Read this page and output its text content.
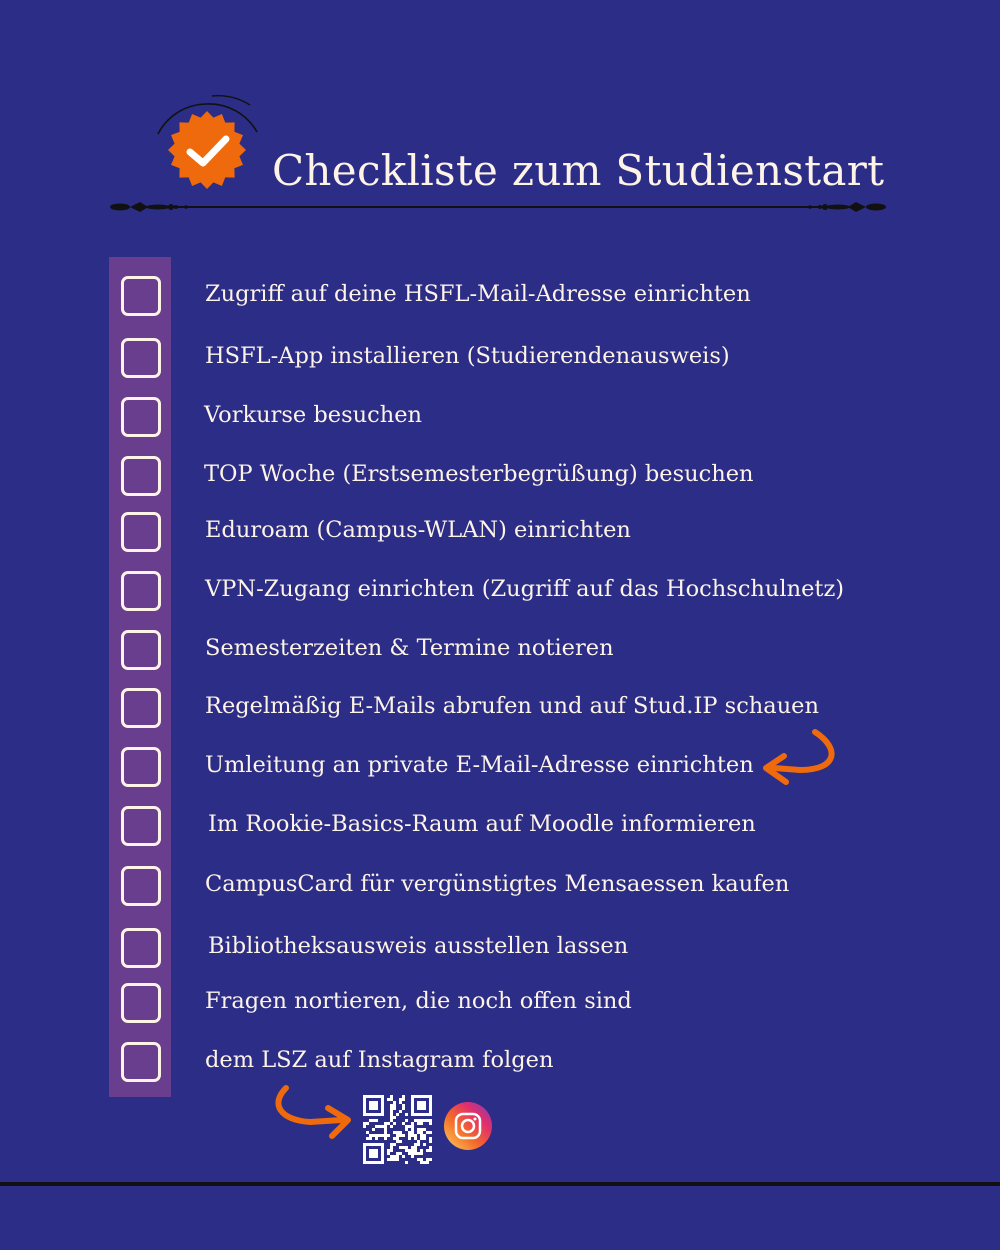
Checkliste zum Studienstart
Zugriff auf deine HSFL-Mail-Adresse einrichten
HSFL-App installieren (Studierendenausweis)
Vorkurse besuchen
TOP Woche (Erstsemesterbegrüßung) besuchen
Eduroam (Campus-WLAN) einrichten
VPN-Zugang einrichten (Zugriff auf das Hochschulnetz)
Semesterzeiten & Termine notieren
Regelmäßig E-Mails abrufen und auf Stud.IP schauen
Umleitung an private E-Mail-Adresse einrichten
Im Rookie-Basics-Raum auf Moodle informieren
CampusCard für vergünstigtes Mensaessen kaufen
Bibliotheksausweis ausstellen lassen
Fragen nortieren, die noch offen sind
dem LSZ auf Instagram folgen
